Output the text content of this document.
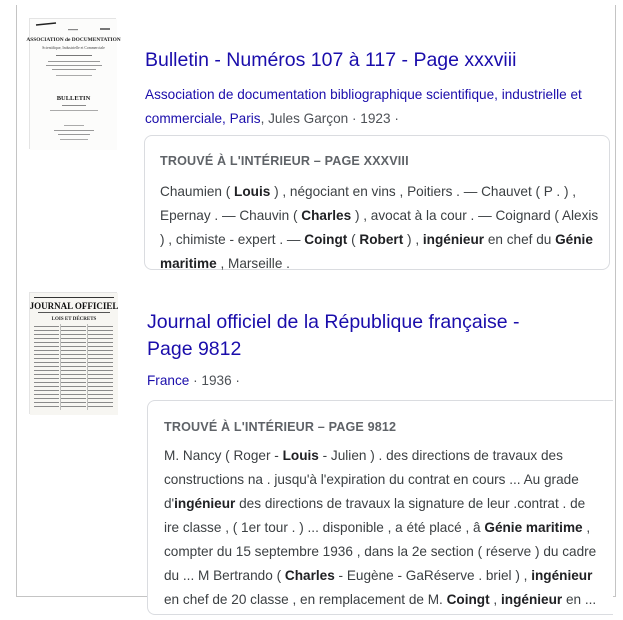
ASSOCIATION de DOCUMENTATION
Scientifique, Industrielle et Commerciale
BULLETIN
Bulletin - Numéros 107 à 117 - Page xxxviii
Association de documentation bibliographique scientifique, industrielle et commerciale, Paris, Jules Garçon · 1923 ·
TROUVÉ À L'INTÉRIEUR – PAGE XXXVIII
Chaumien ( Louis ) , négociant en vins , Poitiers . — Chauvet ( P . ) , Epernay . — Chauvin ( Charles ) , avocat à la cour . — Coignard ( Alexis ) , chimiste - expert . — Coingt ( Robert ) , ingénieur en chef du Génie maritime , Marseille .
JOURNAL OFFICIEL
LOIS ET DÉCRETS	Journal officiel de la République française - Page 9812
France · 1936 ·
TROUVÉ À L'INTÉRIEUR – PAGE 9812
M. Nancy ( Roger - Louis - Julien ) . des directions de travaux des constructions na . jusqu'à l'expiration du contrat en cours ... Au grade d'ingénieur des directions de travaux la signature de leur .contrat . de ire classe , ( 1er tour . ) ... disponible , a été placé , â Génie maritime , compter du 15 septembre 1936 , dans la 2e section ( réserve ) du cadre du ... M Bertrando ( Charles - Eugène - GaRéserve . briel ) , ingénieur en chef de 20 classe , en remplacement de M. Coingt , ingénieur en ...
